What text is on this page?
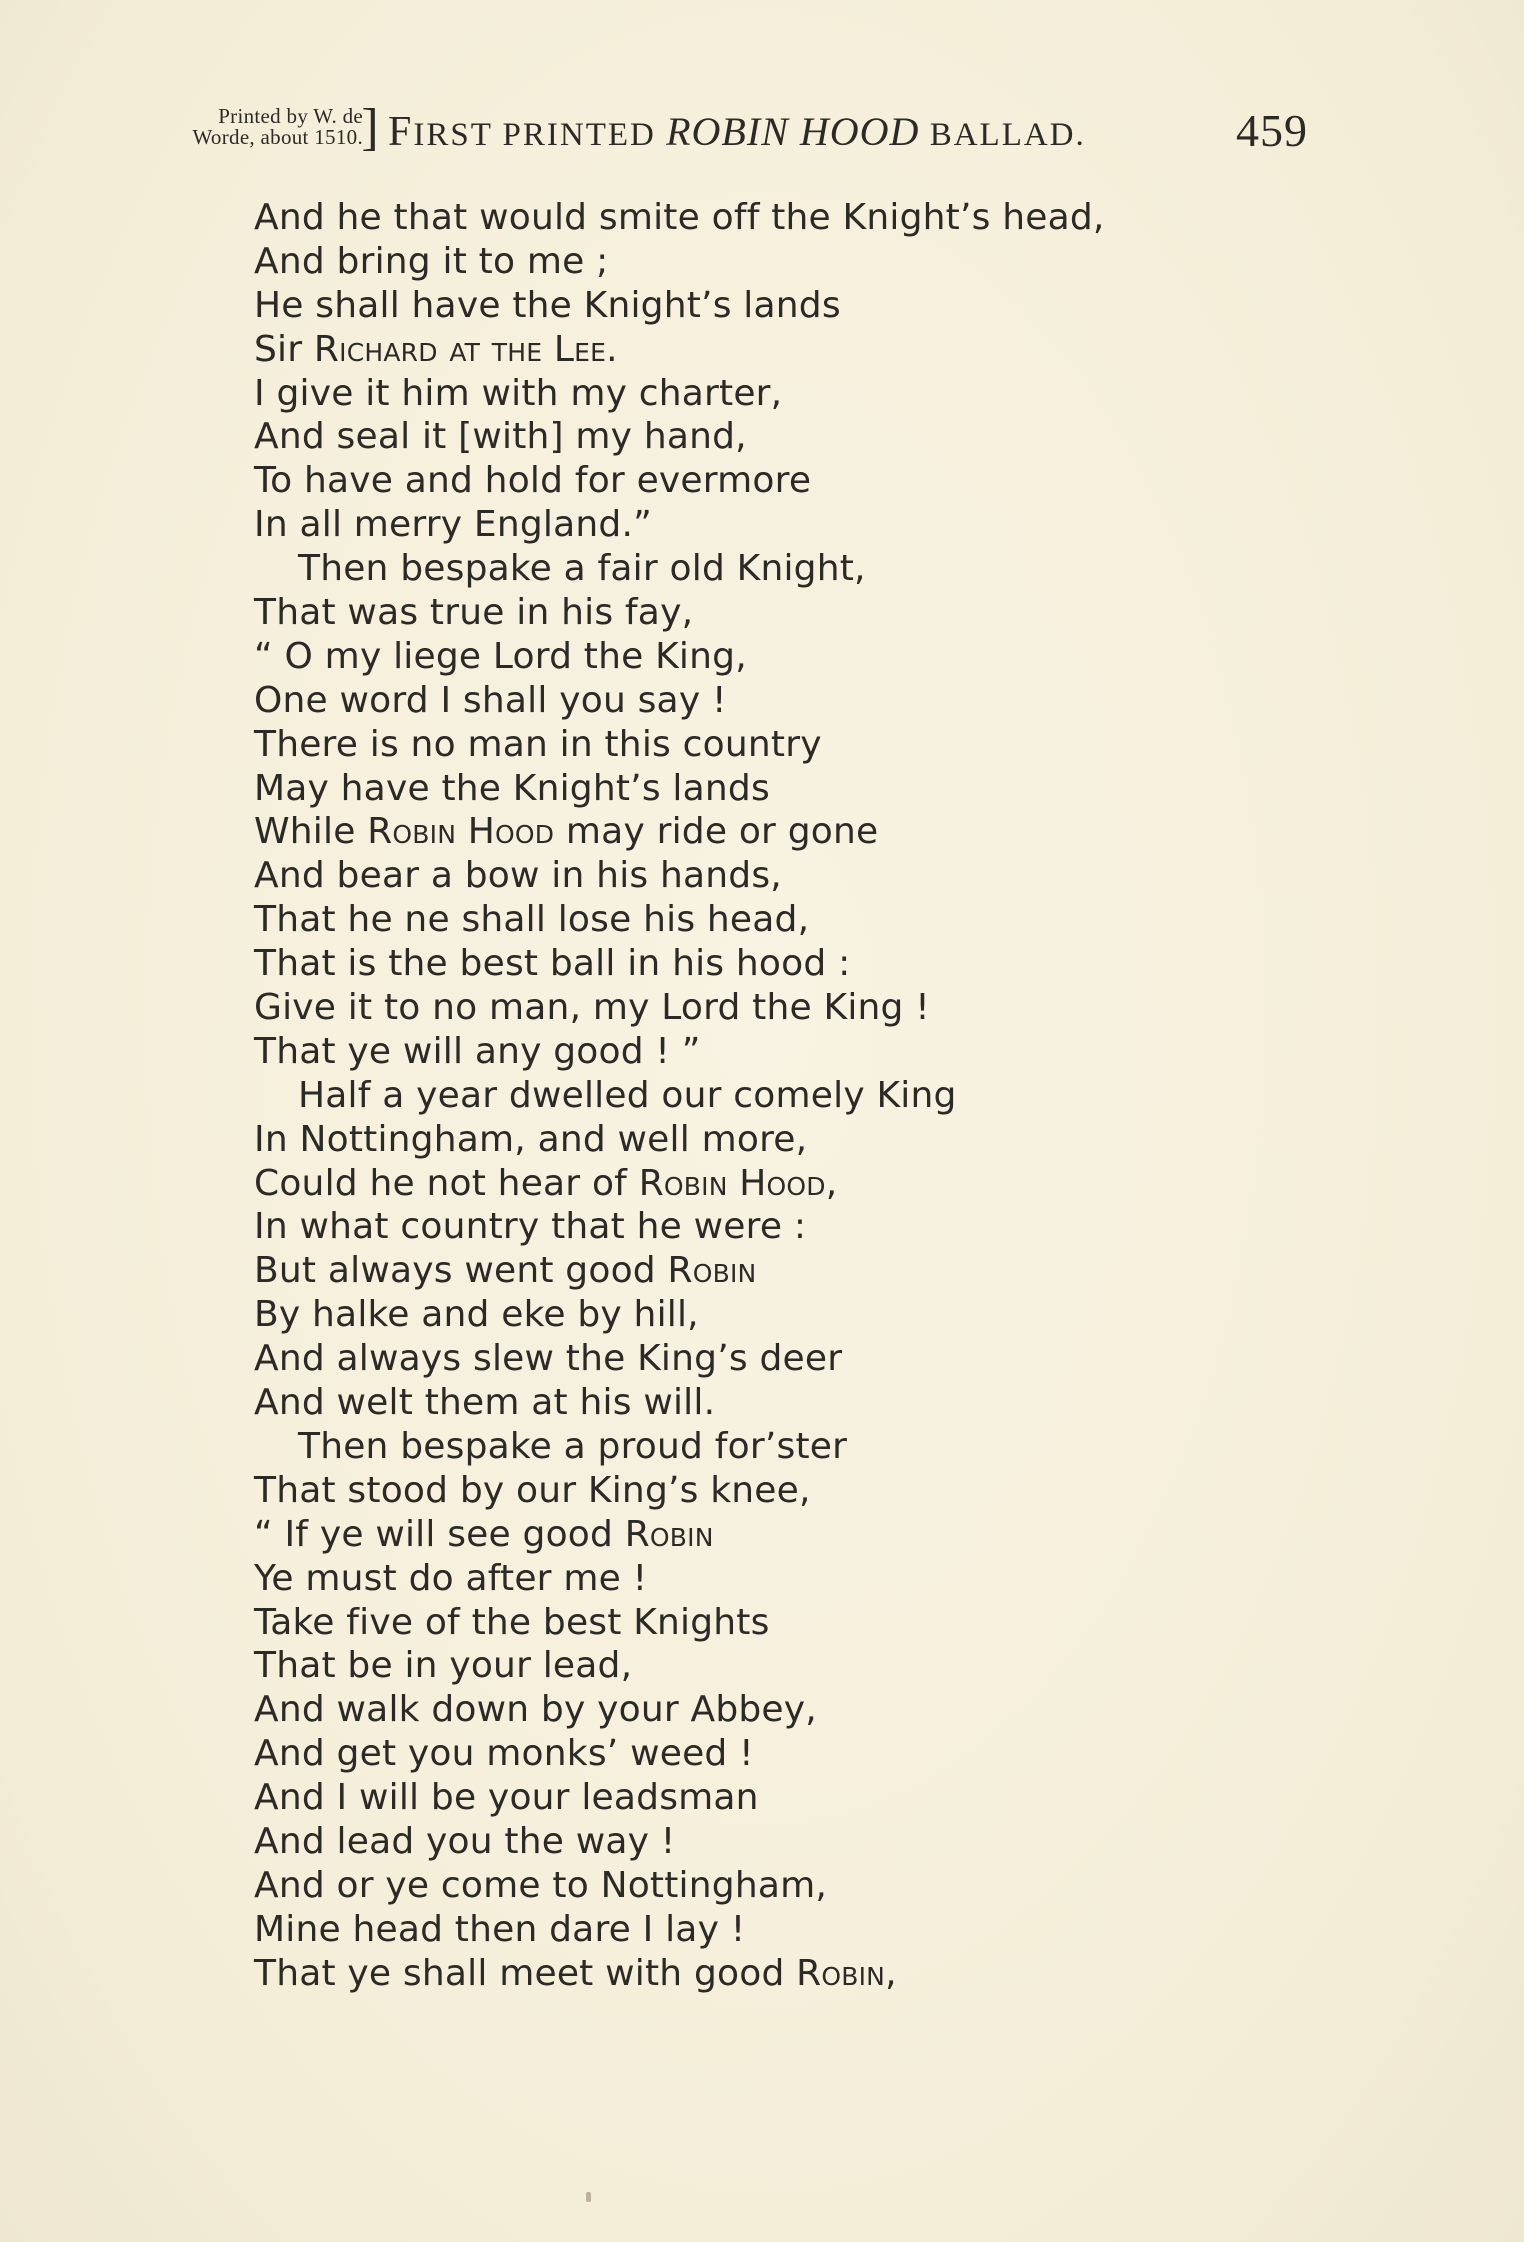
Printed by W. de
Worde, about 1510.
] FIRST PRINTED ROBIN HOOD BALLAD.	459
And he that would smite off the Knight’s head,
And bring it to me ;
He shall have the Knight’s lands
Sir Richard at the Lee.
I give it him with my charter,
And seal it [with] my hand,
To have and hold for evermore
In all merry England.”
Then bespake a fair old Knight,
That was true in his fay,
“ O my liege Lord the King,
One word I shall you say !
There is no man in this country
May have the Knight’s lands
While Robin Hood may ride or gone
And bear a bow in his hands,
That he ne shall lose his head,
That is the best ball in his hood :
Give it to no man, my Lord the King !
That ye will any good ! ”
Half a year dwelled our comely King
In Nottingham, and well more,
Could he not hear of Robin Hood,
In what country that he were :
But always went good Robin
By halke and eke by hill,
And always slew the King’s deer
And welt them at his will.
Then bespake a proud for’ster
That stood by our King’s knee,
“ If ye will see good Robin
Ye must do after me !
Take five of the best Knights
That be in your lead,
And walk down by your Abbey,
And get you monks’ weed !
And I will be your leadsman
And lead you the way !
And or ye come to Nottingham,
Mine head then dare I lay !
That ye shall meet with good Robin,
